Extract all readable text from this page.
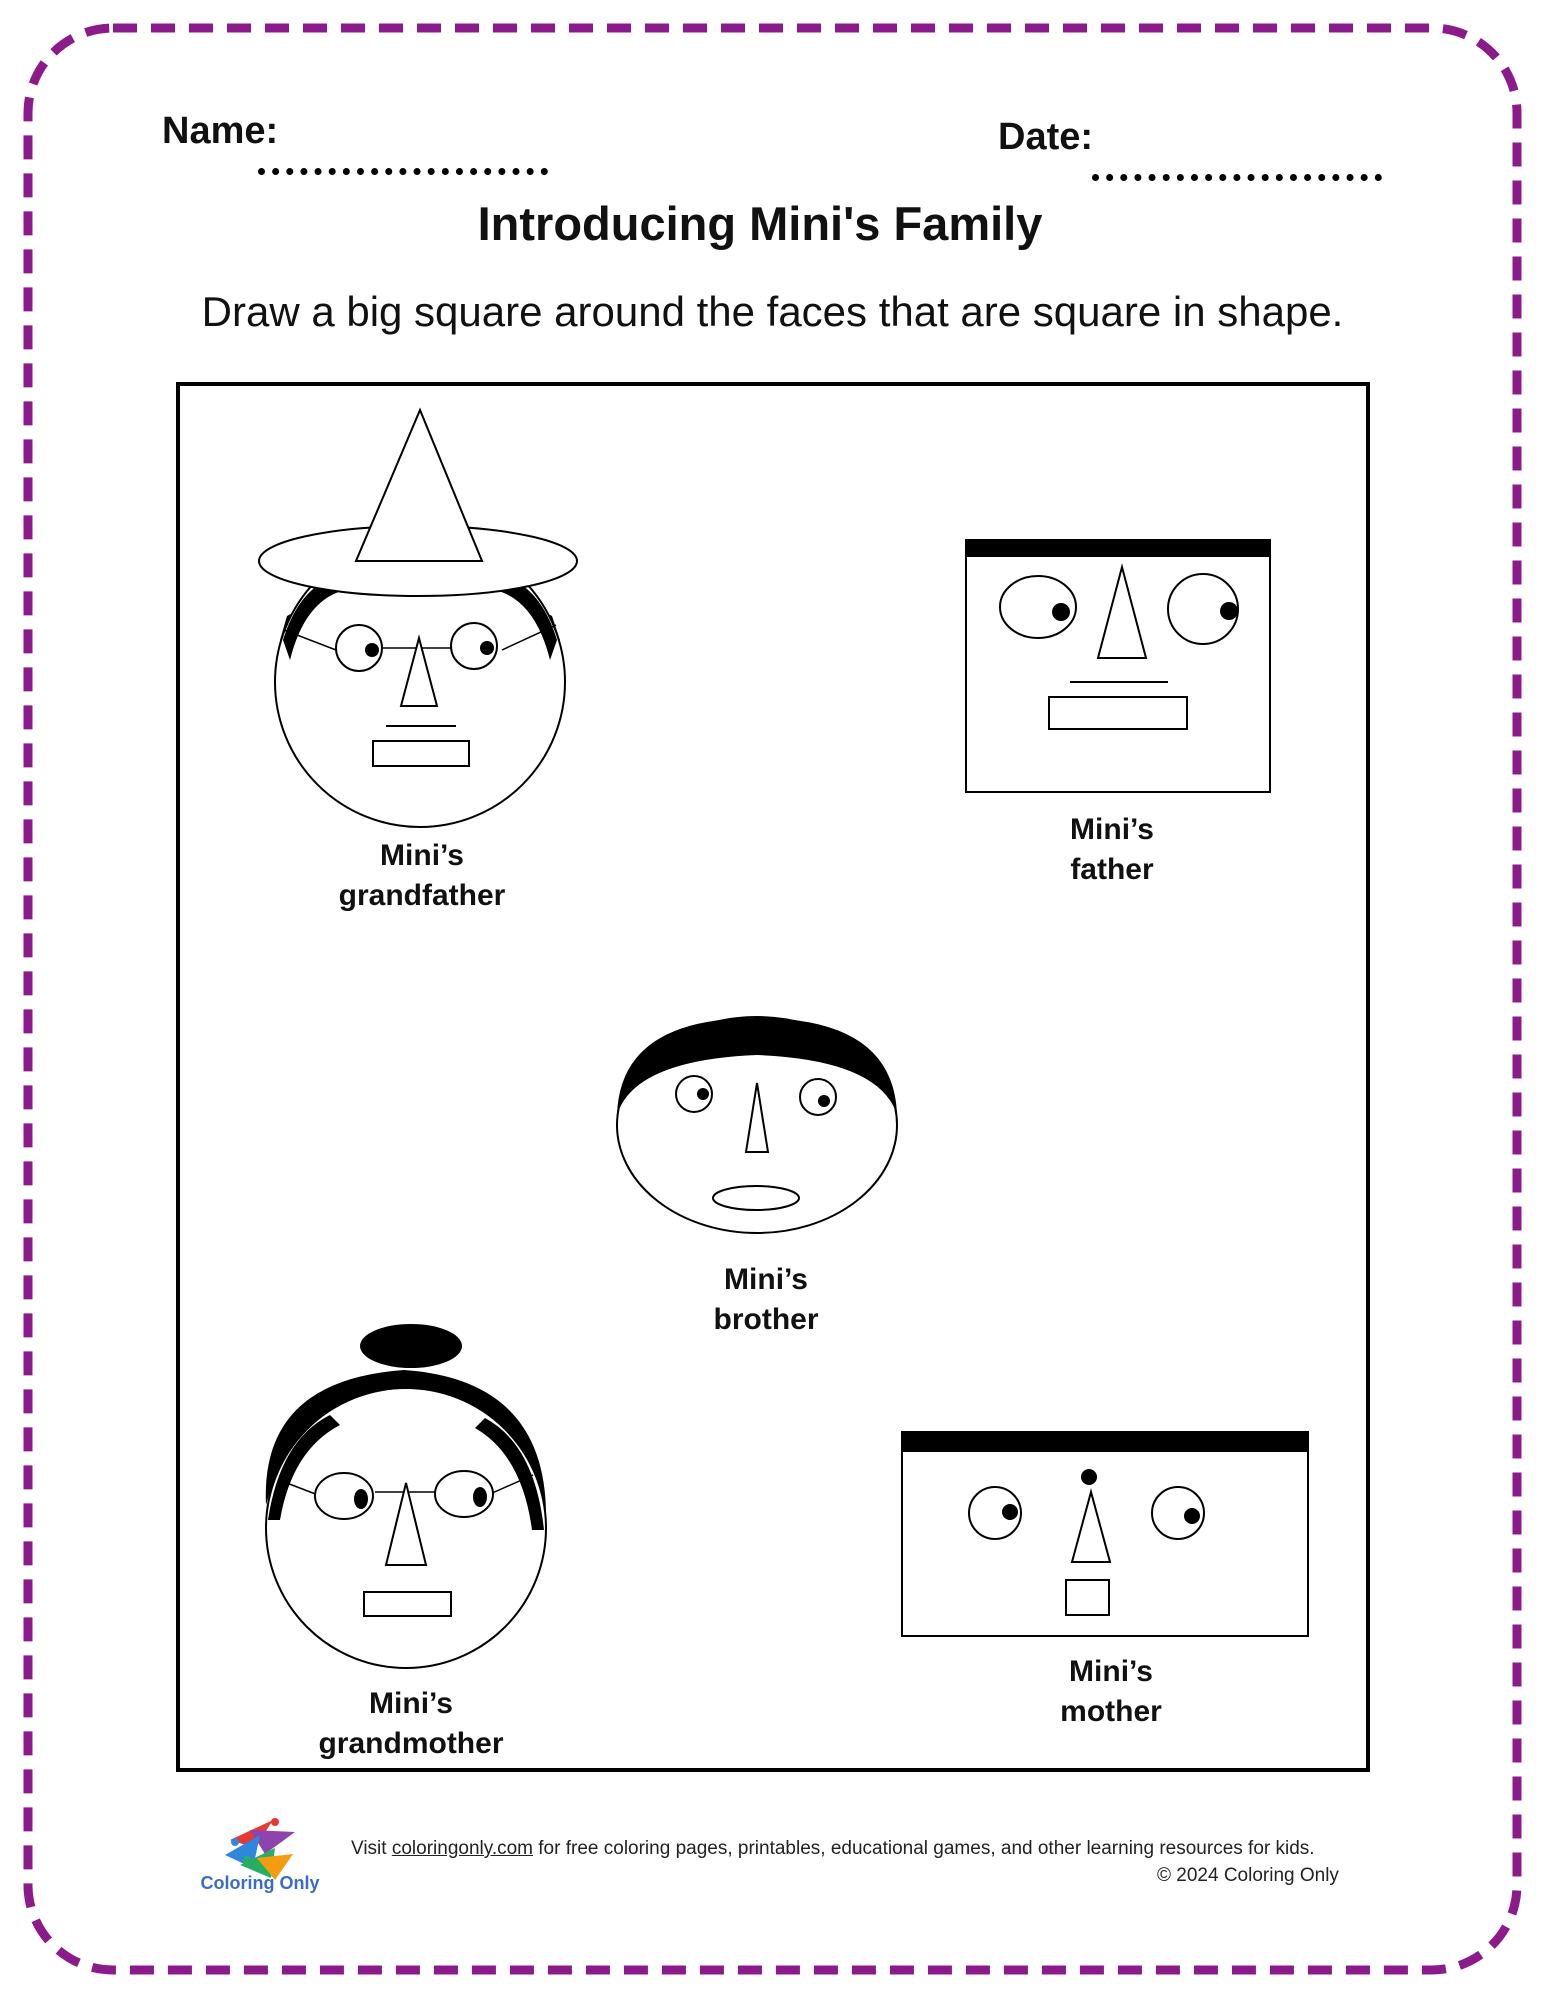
Name:	Date:
Introducing Mini's Family
Draw a big square around the faces that are square in shape.
Mini’s
grandfather
Mini’s
father
Mini’s
brother
Mini’s
grandmother
Mini’s
mother
Coloring Only
Visit coloringonly.com for free coloring pages, printables, educational games, and other learning resources for kids.
© 2024 Coloring Only
